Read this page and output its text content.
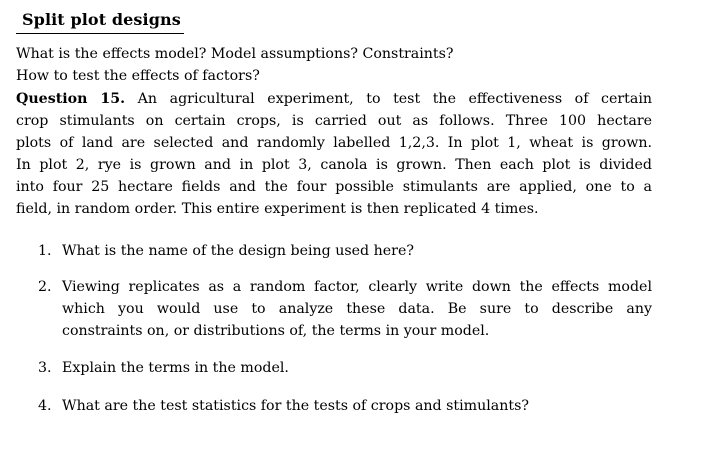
Split plot designs
What is the effects model? Model assumptions? Constraints?
How to test the effects of factors?
Question 15. An agricultural experiment, to test the effectiveness of certain
crop stimulants on certain crops, is carried out as follows. Three 100 hectare
plots of land are selected and randomly labelled 1,2,3. In plot 1, wheat is grown.
In plot 2, rye is grown and in plot 3, canola is grown. Then each plot is divided
into four 25 hectare fields and the four possible stimulants are applied, one to a
field, in random order. This entire experiment is then replicated 4 times.
1. What is the name of the design being used here?
2. Viewing replicates as a random factor, clearly write down the effects model
which you would use to analyze these data. Be sure to describe any
constraints on, or distributions of, the terms in your model.
3. Explain the terms in the model.
4. What are the test statistics for the tests of crops and stimulants?
